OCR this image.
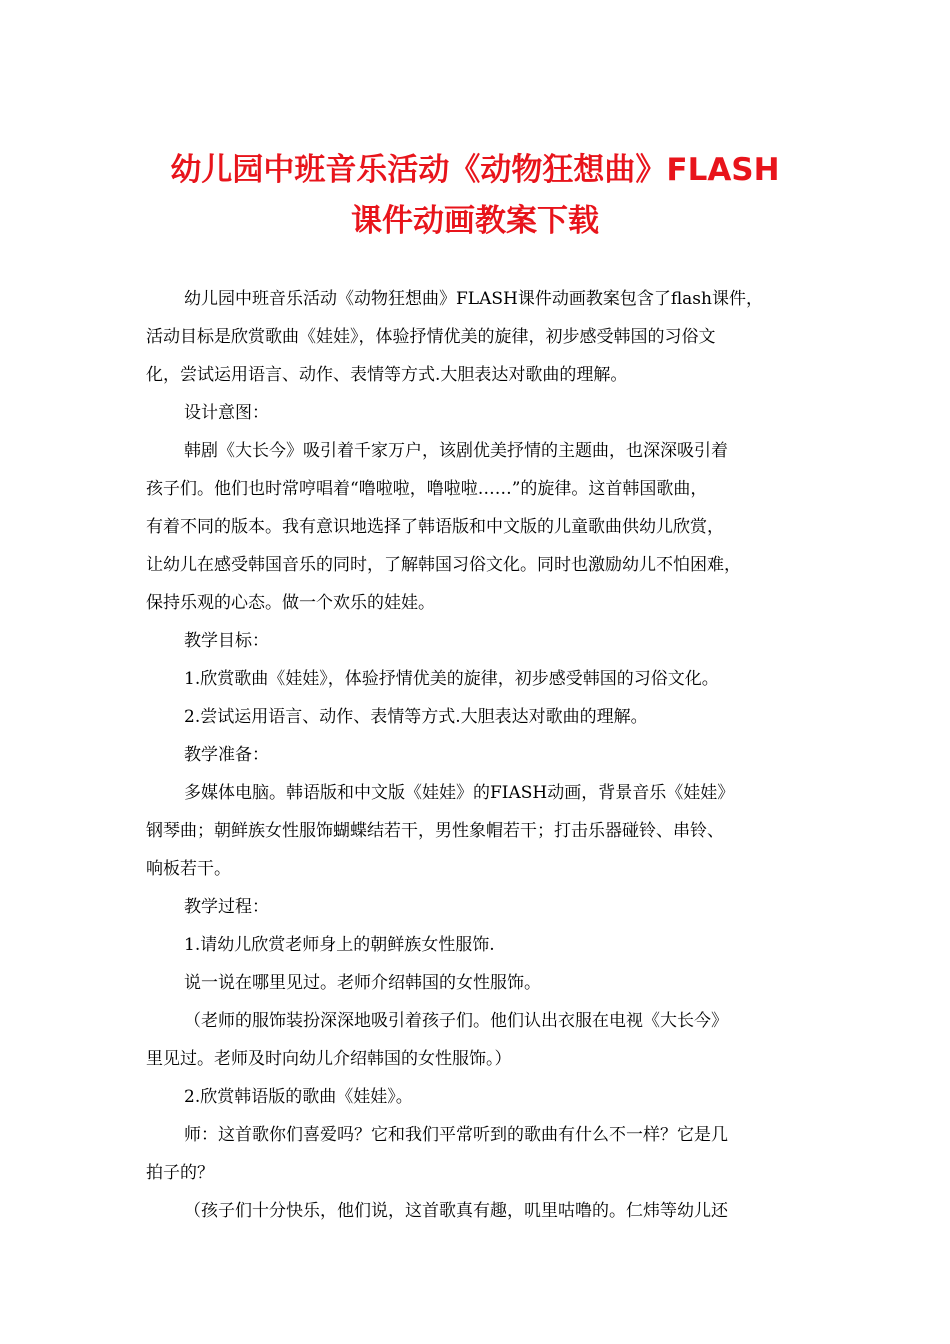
幼儿园中班音乐活动《动物狂想曲》FLASH
课件动画教案下载

幼儿园中班音乐活动《动物狂想曲》FLASH课件动画教案包含了flash课件，

活动目标是欣赏歌曲《娃娃》，体验抒情优美的旋律，初步感受韩国的习俗文

化，尝试运用语言、动作、表情等方式.大胆表达对歌曲的理解。

设计意图：

韩剧《大长今》吸引着千家万户，该剧优美抒情的主题曲，也深深吸引着

孩子们。他们也时常哼唱着“噜啦啦，噜啦啦……”的旋律。这首韩国歌曲，

有着不同的版本。我有意识地选择了韩语版和中文版的儿童歌曲供幼儿欣赏，

让幼儿在感受韩国音乐的同时，了解韩国习俗文化。同时也激励幼儿不怕困难，

保持乐观的心态。做一个欢乐的娃娃。

教学目标：

1.欣赏歌曲《娃娃》，体验抒情优美的旋律，初步感受韩国的习俗文化。

2.尝试运用语言、动作、表情等方式.大胆表达对歌曲的理解。

教学准备：

多媒体电脑。韩语版和中文版《娃娃》的FIASH动画，背景音乐《娃娃》

钢琴曲；朝鲜族女性服饰蝴蝶结若干，男性象帽若干；打击乐器碰铃、串铃、

响板若干。

教学过程：

1.请幼儿欣赏老师身上的朝鲜族女性服饰.

说一说在哪里见过。老师介绍韩国的女性服饰。

（老师的服饰装扮深深地吸引着孩子们。他们认出衣服在电视《大长今》

里见过。老师及时向幼儿介绍韩国的女性服饰。）

2.欣赏韩语版的歌曲《娃娃》。

师：这首歌你们喜爱吗？它和我们平常听到的歌曲有什么不一样？它是几

拍子的？

（孩子们十分快乐，他们说，这首歌真有趣，叽里咕噜的。仁炜等幼儿还
